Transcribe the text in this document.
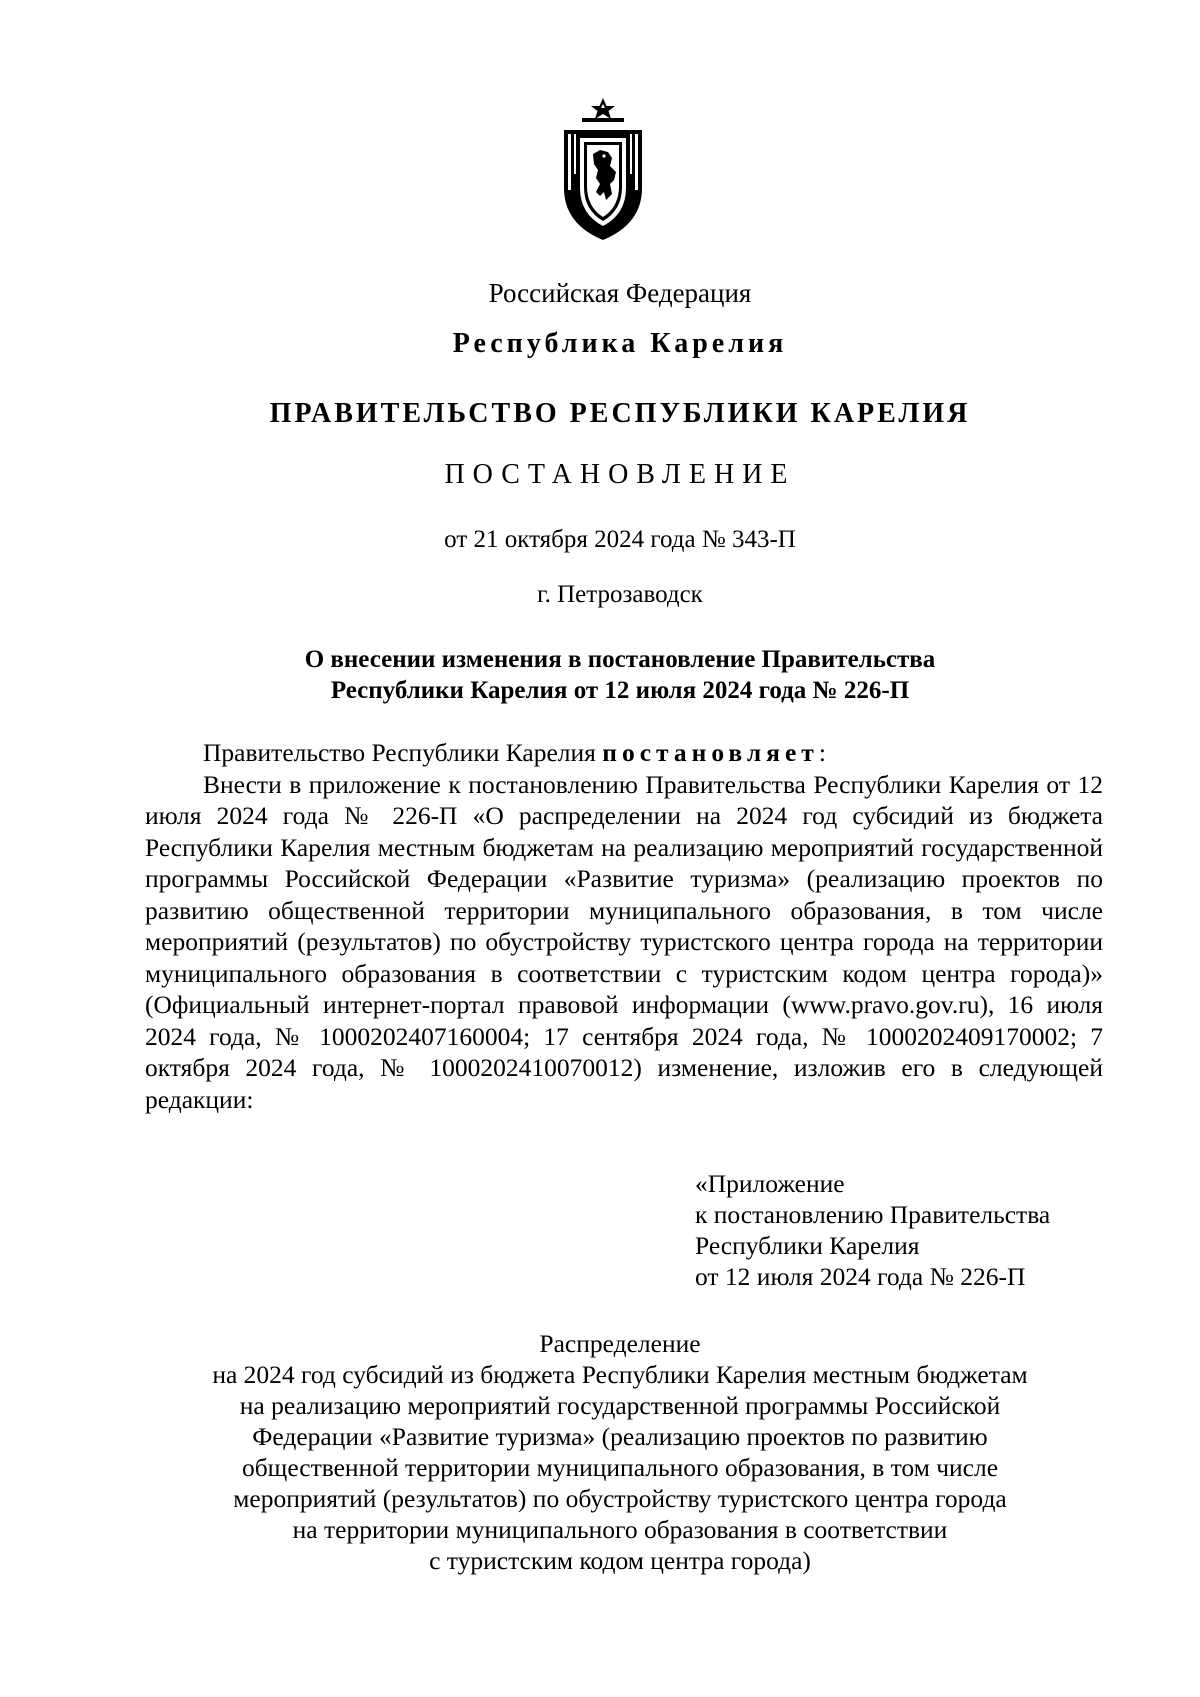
Российская Федерация
Республика Карелия
ПРАВИТЕЛЬСТВО РЕСПУБЛИКИ КАРЕЛИЯ
ПОСТАНОВЛЕНИЕ
от 21 октября 2024 года № 343-П
г. Петрозаводск
О внесении изменения в постановление Правительства
Республики Карелия от 12 июля 2024 года № 226-П

Правительство Республики Карелия постановляет:

Внести в приложение к постановлению Правительства Республики Карелия от 12 июля 2024 года № 226-П «О распределении на 2024 год субсидий из бюджета Республики Карелия местным бюджетам на реализацию мероприятий государственной программы Российской Федерации «Развитие туризма» (реализацию проектов по развитию общественной территории муниципального образования, в том числе мероприятий (результатов) по обустройству туристского центра города на территории муниципального образования в соответствии с туристским кодом центра города)» (Официальный интернет-портал правовой информации (www.pravo.gov.ru), 16 июля 2024 года, № 1000202407160004; 17 сентября 2024 года, № 1000202409170002; 7 октября 2024 года, № 1000202410070012) изменение, изложив его в следующей редакции:

«Приложение
к постановлению Правительства
Республики Карелия
от 12 июля 2024 года № 226-П
Распределение
на 2024 год субсидий из бюджета Республики Карелия местным бюджетам
на реализацию мероприятий государственной программы Российской
Федерации «Развитие туризма» (реализацию проектов по развитию
общественной территории муниципального образования, в том числе
мероприятий (результатов) по обустройству туристского центра города
на территории муниципального образования в соответствии
с туристским кодом центра города)
